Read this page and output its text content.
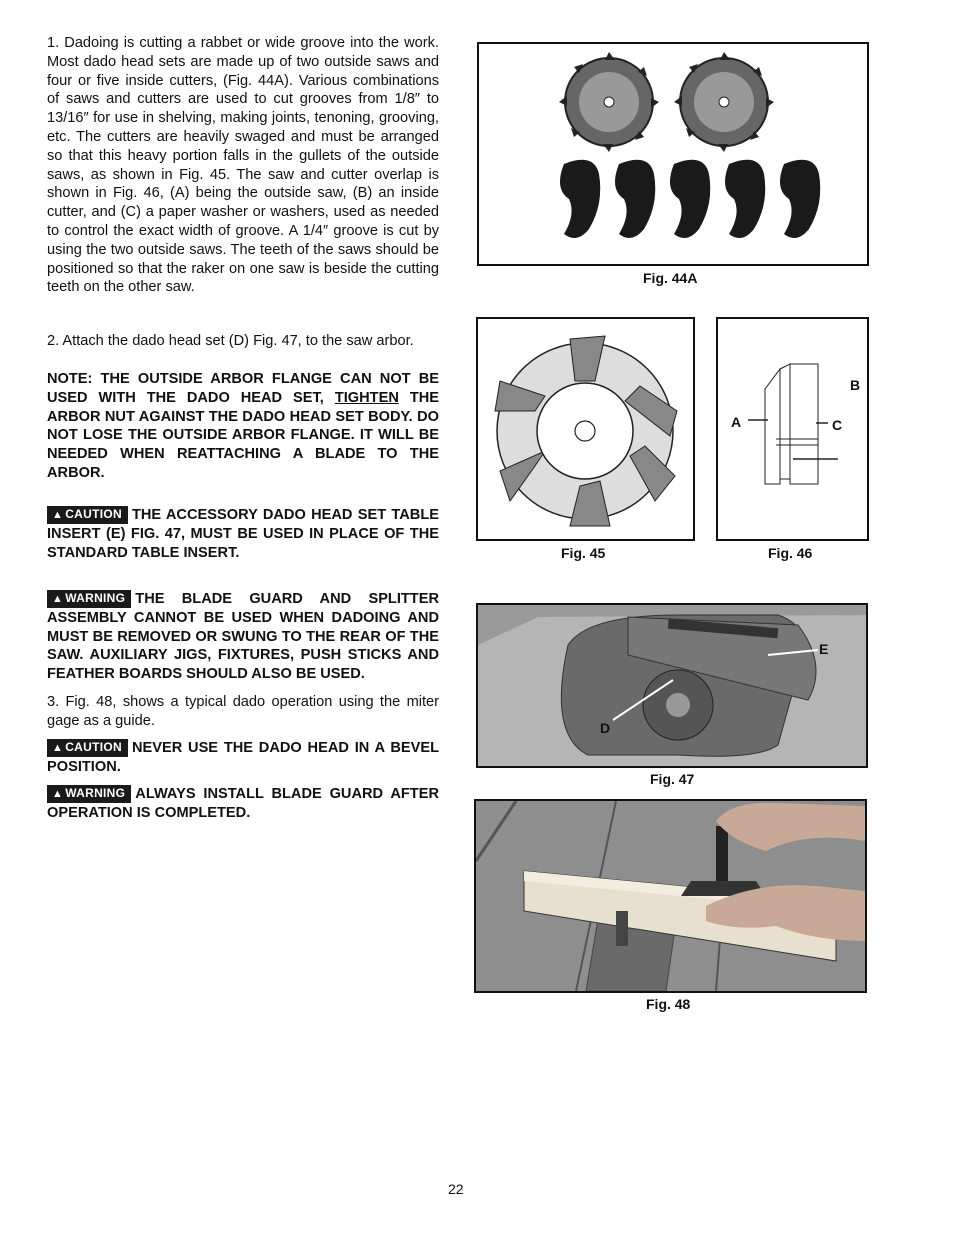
1. Dadoing is cutting a rabbet or wide groove into the work. Most dado head sets are made up of two outside saws and four or five inside cutters, (Fig. 44A). Various combinations of saws and cutters are used to cut grooves from 1/8″ to 13/16″ for use in shelving, making joints, tenoning, grooving, etc. The cutters are heavily swaged and must be arranged so that this heavy portion falls in the gullets of the outside saws, as shown in Fig. 45. The saw and cutter overlap is shown in Fig. 46, (A) being the outside saw, (B) an inside cutter, and (C) a paper washer or washers, used as needed to control the exact width of groove. A 1/4″ groove is cut by using the two outside saws. The teeth of the saws should be positioned so that the raker on one saw is beside the cutting teeth on the other saw.

2. Attach the dado head set (D) Fig. 47, to the saw arbor.

NOTE: THE OUTSIDE ARBOR FLANGE CAN NOT BE USED WITH THE DADO HEAD SET, TIGHTEN THE ARBOR NUT AGAINST THE DADO HEAD SET BODY. DO NOT LOSE THE OUTSIDE ARBOR FLANGE. IT WILL BE NEEDED WHEN REATTACHING A BLADE TO THE ARBOR.

▲ CAUTION THE ACCESSORY DADO HEAD SET TABLE INSERT (E) FIG. 47, MUST BE USED IN PLACE OF THE STANDARD TABLE INSERT.

▲ WARNING THE BLADE GUARD AND SPLITTER ASSEMBLY CANNOT BE USED WHEN DADOING AND MUST BE REMOVED OR SWUNG TO THE REAR OF THE SAW. AUXILIARY JIGS, FIXTURES, PUSH STICKS AND FEATHER BOARDS SHOULD ALSO BE USED.

3. Fig. 48, shows a typical dado operation using the miter gage as a guide.

▲ CAUTION NEVER USE THE DADO HEAD IN A BEVEL POSITION.

▲ WARNING ALWAYS INSTALL BLADE GUARD AFTER OPERATION IS COMPLETED.

Fig. 44A
Fig. 45
A
B
C
Fig. 46
D
E
Fig. 47
Fig. 48
22
